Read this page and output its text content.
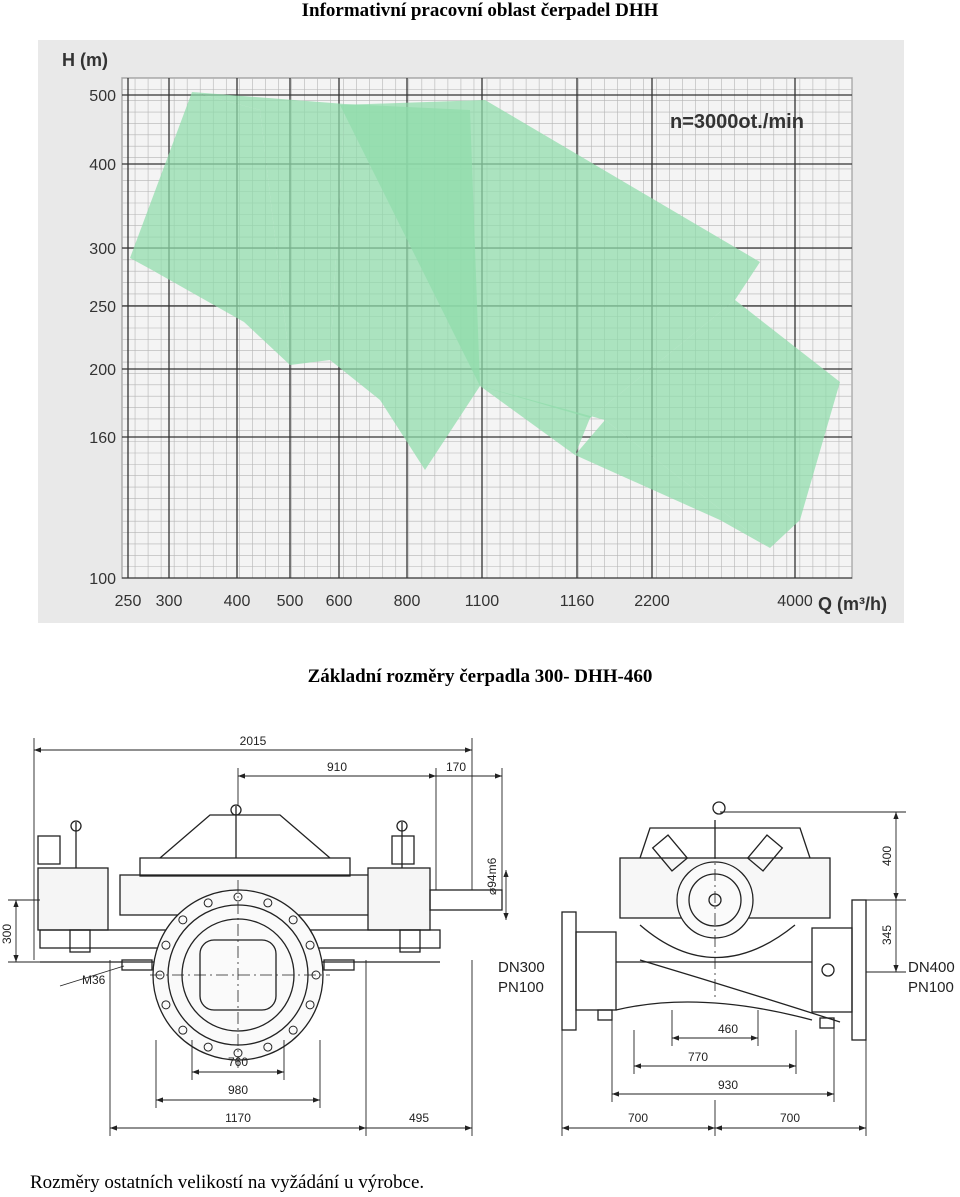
Informativní pracovní oblast čerpadel DHH
100
160
200
250
300
400
500
250 300	400 500 600	800	1100	1160	2200	4000
H (m)
Q (m³/h)
n=3000ot./min
Základní rozměry čerpadla 300- DHH-460
2015
910	170
⌀94m6
300
M36
760
980
1170	495
400
345
DN300
PN100
DN400
PN100
460
770
930
700	700
Rozměry ostatních velikostí na vyžádání u výrobce.
